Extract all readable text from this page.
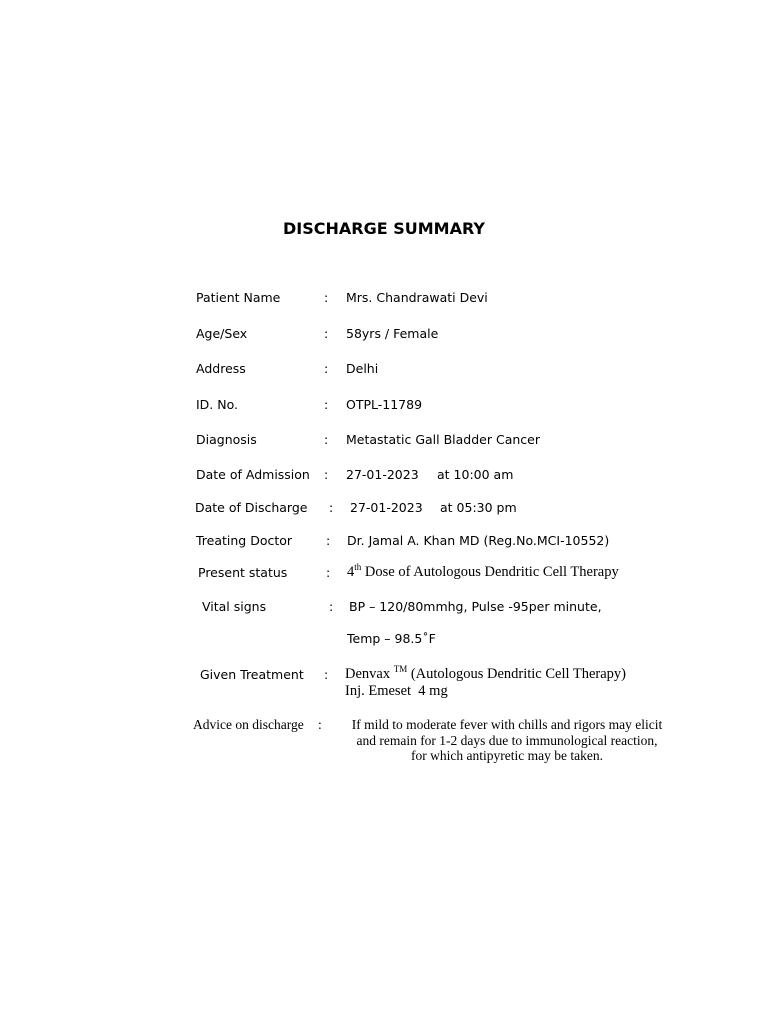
DISCHARGE SUMMARY
Patient Name	: Mrs. Chandrawati Devi
Age/Sex	: 58yrs / Female
Address	: Delhi
ID. No.	: OTPL-11789
Diagnosis	: Metastatic Gall Bladder Cancer
Date of Admission : 27-01-2023 at 10:00 am
Date of Discharge : 27-01-2023 at 05:30 pm
Treating Doctor	: Dr. Jamal A. Khan MD (Reg.No.MCI-10552)
Present status	: 4th Dose of Autologous Dendritic Cell Therapy
Vital signs	: BP – 120/80mmhg, Pulse -95per minute,
Temp – 98.5˚F
Given Treatment : Denvax ™ (Autologous Dendritic Cell Therapy)
Inj. Emeset  4 mg
Advice on discharge :	If mild to moderate fever with chills and rigors may elicit
and remain for 1-2 days due to immunological reaction,
for which antipyretic may be taken.
